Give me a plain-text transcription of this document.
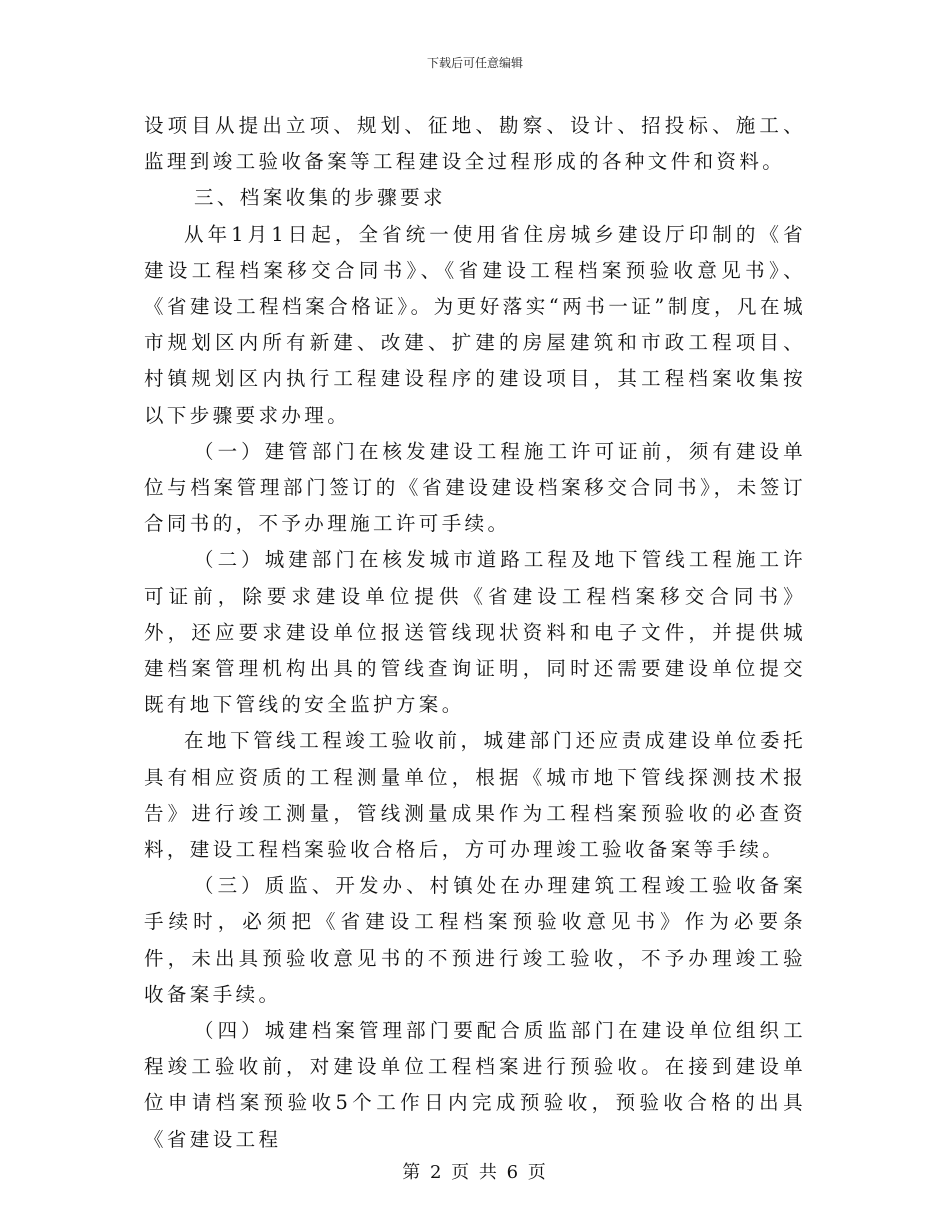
下载后可任意编辑

设项目从提出立项、规划、征地、勘察、设计、招投标、施工、监理到竣工验收备案等工程建设全过程形成的各种文件和资料。

三、档案收集的步骤要求

从年1月1日起，全省统一使用省住房城乡建设厅印制的《省建设工程档案移交合同书》、《省建设工程档案预验收意见书》、《省建设工程档案合格证》。为更好落实“两书一证”制度，凡在城市规划区内所有新建、改建、扩建的房屋建筑和市政工程项目、村镇规划区内执行工程建设程序的建设项目，其工程档案收集按以下步骤要求办理。

（一）建管部门在核发建设工程施工许可证前，须有建设单位与档案管理部门签订的《省建设建设档案移交合同书》，未签订合同书的，不予办理施工许可手续。

（二）城建部门在核发城市道路工程及地下管线工程施工许可证前，除要求建设单位提供《省建设工程档案移交合同书》外，还应要求建设单位报送管线现状资料和电子文件，并提供城建档案管理机构出具的管线查询证明，同时还需要建设单位提交既有地下管线的安全监护方案。

在地下管线工程竣工验收前，城建部门还应责成建设单位委托具有相应资质的工程测量单位，根据《城市地下管线探测技术报告》进行竣工测量，管线测量成果作为工程档案预验收的必查资料，建设工程档案验收合格后，方可办理竣工验收备案等手续。

（三）质监、开发办、村镇处在办理建筑工程竣工验收备案手续时，必须把《省建设工程档案预验收意见书》作为必要条件，未出具预验收意见书的不预进行竣工验收，不予办理竣工验收备案手续。

（四）城建档案管理部门要配合质监部门在建设单位组织工程竣工验收前，对建设单位工程档案进行预验收。在接到建设单位申请档案预验收5个工作日内完成预验收，预验收合格的出具《省建设工程

第 2 页 共 6 页
